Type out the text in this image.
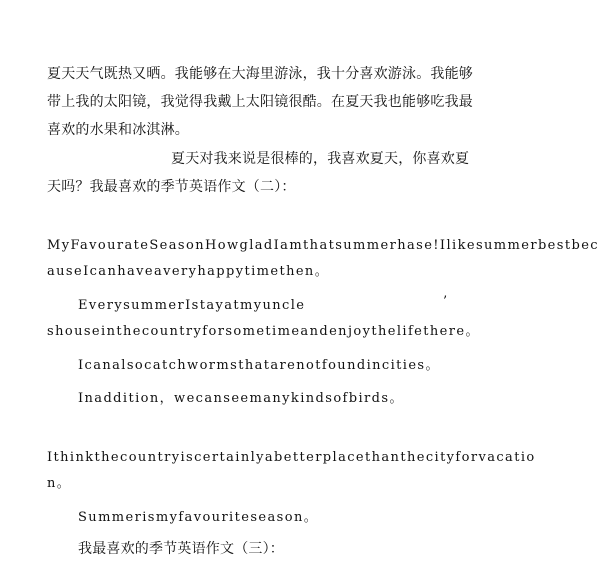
夏天天气既热又晒。我能够在大海里游泳，我十分喜欢游泳。我能够
带上我的太阳镜，我觉得我戴上太阳镜很酷。在夏天我也能够吃我最
喜欢的水果和冰淇淋。
夏天对我来说是很棒的，我喜欢夏天，你喜欢夏
天吗？我最喜欢的季节英语作文（二）：
MyFavourateSeasonHowgladIamthatsummerhase!Ilikesummerbestbec
auseIcanhaveaveryhappytimethen。
EverysummerIstayatmyuncle	’
shouseinthecountryforsometimeandenjoythelifethere。
Icanalsocatchwormsthatarenotfoundincities。
Inaddition，wecanseemanykindsofbirds。
Ithinkthecountryiscertainlyabetterplacethanthecityforvacatio
n。
Summerismyfavouriteseason。
我最喜欢的季节英语作文（三）：
